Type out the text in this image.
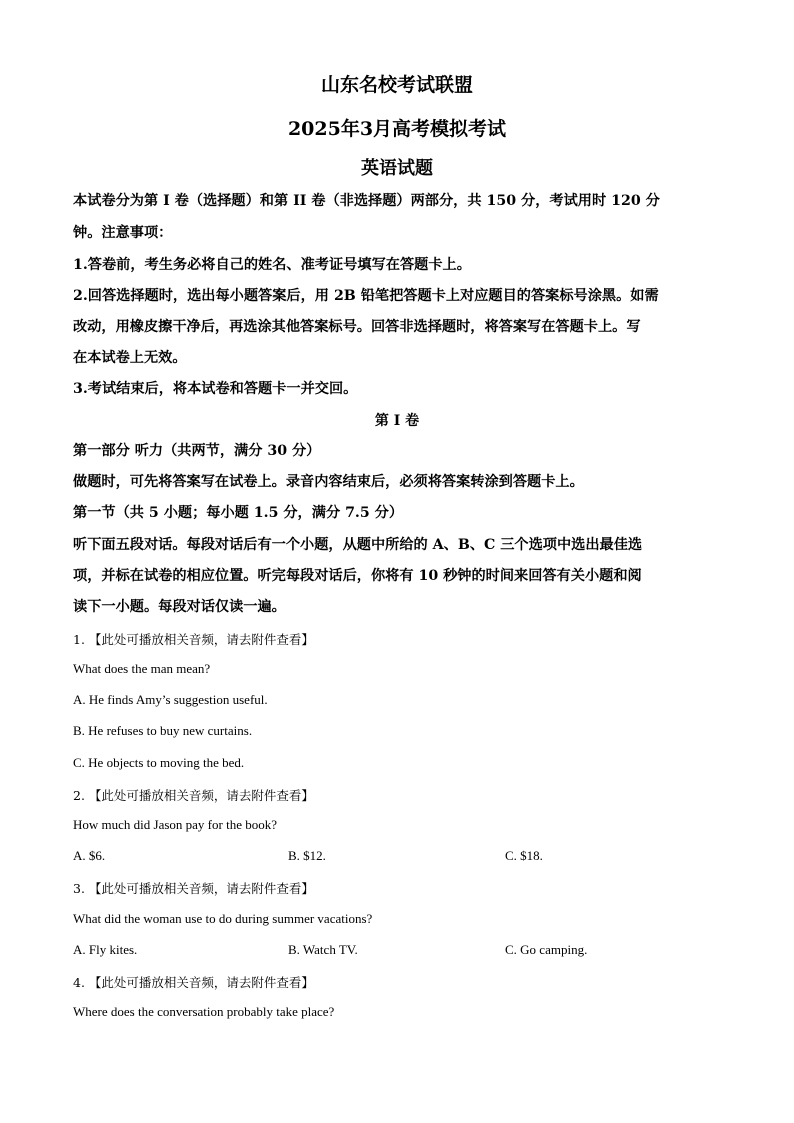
山东名校考试联盟
2025年3月高考模拟考试
英语试题
本试卷分为第 I 卷（选择题）和第 II 卷（非选择题）两部分，共 150 分，考试用时 120 分
钟。注意事项：
1.答卷前，考生务必将自己的姓名、准考证号填写在答题卡上。
2.回答选择题时，选出每小题答案后，用 2B 铅笔把答题卡上对应题目的答案标号涂黑。如需
改动，用橡皮擦干净后，再选涂其他答案标号。回答非选择题时，将答案写在答题卡上。写
在本试卷上无效。
3.考试结束后，将本试卷和答题卡一并交回。
第 I 卷
第一部分 听力（共两节，满分 30 分）
做题时，可先将答案写在试卷上。录音内容结束后，必须将答案转涂到答题卡上。
第一节（共 5 小题；每小题 1.5 分，满分 7.5 分）
听下面五段对话。每段对话后有一个小题，从题中所给的 A、B、C 三个选项中选出最佳选
项，并标在试卷的相应位置。听完每段对话后，你将有 10 秒钟的时间来回答有关小题和阅
读下一小题。每段对话仅读一遍。
1. 【此处可播放相关音频，请去附件查看】
What does the man mean?
A. He finds Amy’s suggestion useful.
B. He refuses to buy new curtains.
C. He objects to moving the bed.
2. 【此处可播放相关音频，请去附件查看】
How much did Jason pay for the book?
A. $6.	B. $12.	C. $18.
3. 【此处可播放相关音频，请去附件查看】
What did the woman use to do during summer vacations?
A. Fly kites.	B. Watch TV.	C. Go camping.
4. 【此处可播放相关音频，请去附件查看】
Where does the conversation probably take place?
